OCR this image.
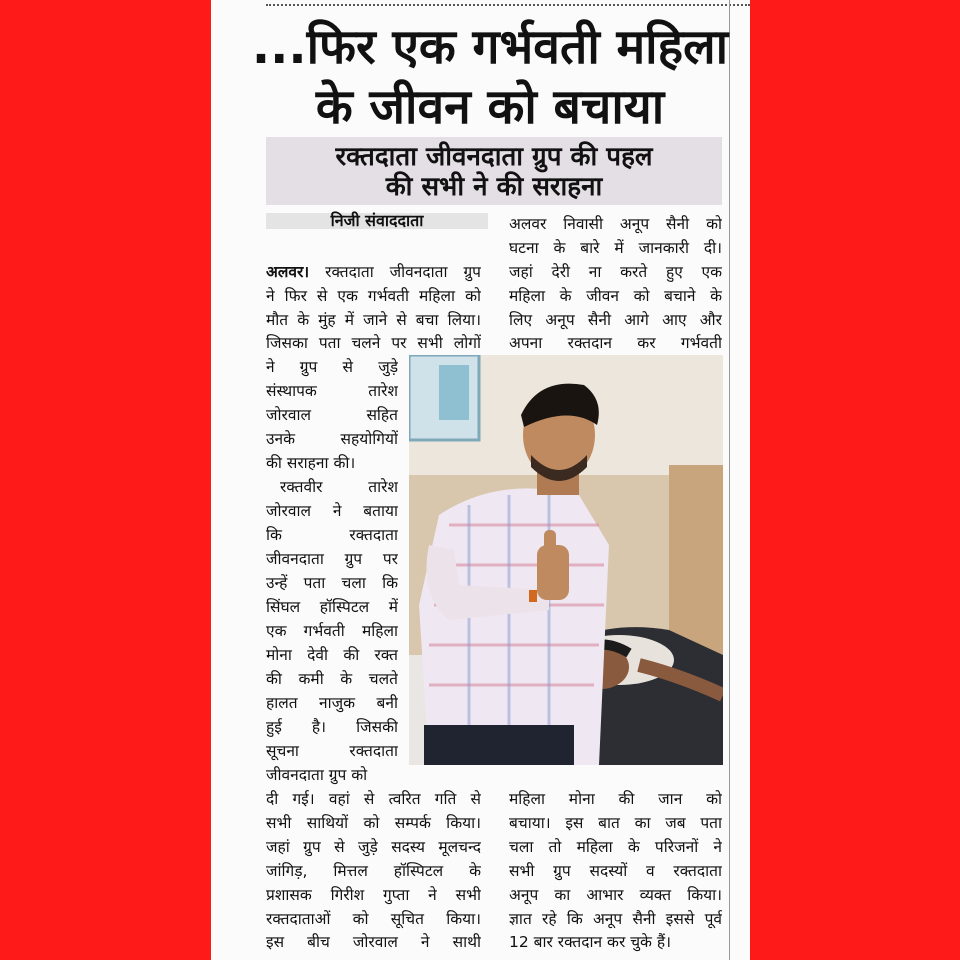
...फिर एक गर्भवती महिला
के जीवन को बचाया
रक्तदाता जीवनदाता ग्रुप की पहल
की सभी ने की सराहना
निजी संवाददाता
अलवर। रक्तदाता जीवनदाता ग्रुप
ने फिर से एक गर्भवती महिला को
मौत के मुंह में जाने से बचा लिया।
जिसका पता चलने पर सभी लोगों
ने ग्रुप से जुड़े
संस्थापक तारेश
जोरवाल सहित
उनके सहयोगियों
की सराहना की।
रक्तवीर तारेश
जोरवाल ने बताया
कि रक्तदाता
जीवनदाता ग्रुप पर
उन्हें पता चला कि
सिंघल हॉस्पिटल में
एक गर्भवती महिला
मोना देवी की रक्त
की कमी के चलते
हालत नाजुक बनी
हुई है। जिसकी
सूचना रक्तदाता
जीवनदाता ग्रुप को
दी गई। वहां से त्वरित गति से
सभी साथियों को सम्पर्क किया।
जहां ग्रुप से जुड़े सदस्य मूलचन्द
जांगिड़, मित्तल हॉस्पिटल के
प्रशासक गिरीश गुप्ता ने सभी
रक्तदाताओं को सूचित किया।
इस बीच जोरवाल ने साथी
अलवर निवासी अनूप सैनी को
घटना के बारे में जानकारी दी।
जहां देरी ना करते हुए एक
महिला के जीवन को बचाने के
लिए अनूप सैनी आगे आए और
अपना रक्तदान कर गर्भवती
महिला मोना की जान को
बचाया। इस बात का जब पता
चला तो महिला के परिजनों ने
सभी ग्रुप सदस्यों व रक्तदाता
अनूप का आभार व्यक्त किया।
ज्ञात रहे कि अनूप सैनी इससे पूर्व
12 बार रक्तदान कर चुके हैं।
